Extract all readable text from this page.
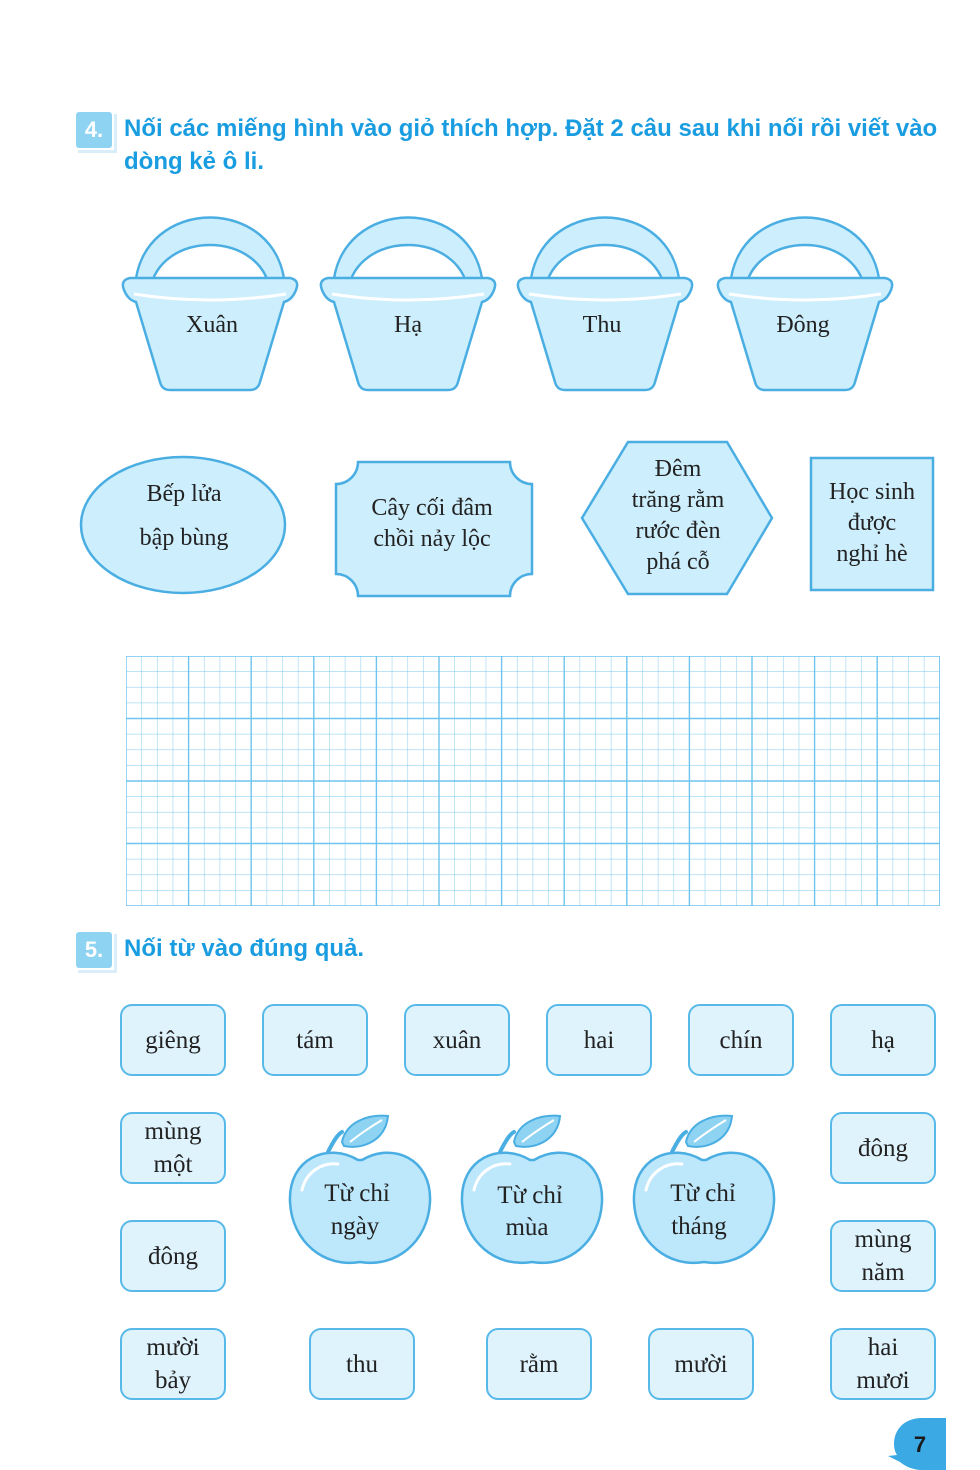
4. Nối các miếng hình vào giỏ thích hợp. Đặt 2 câu sau khi nối rồi viết vào dòng kẻ ô li.
Xuân	Hạ	Thu	Đông
Bếp lửa
bập bùng
Cây cối đâm
chồi nảy lộc
Đêm
trăng rằm
rước đèn
phá cỗ
Học sinh
được
nghỉ hè
5. Nối từ vào đúng quả.
giêng	tám	xuân	hai	chín	hạ
mùng
một
đông
đông
mùng
năm
mười
bảy
thu	rằm	mười
hai
mươi
Từ chỉ
ngày
Từ chỉ
mùa
Từ chỉ
tháng
7
